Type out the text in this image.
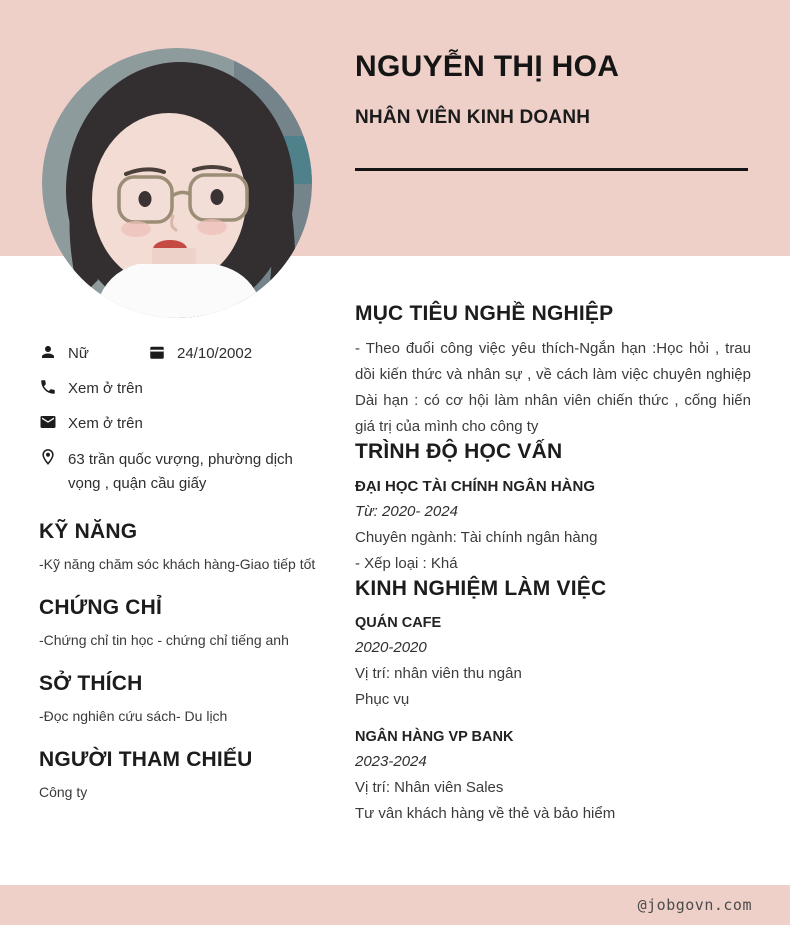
NGUYỄN THỊ HOA
NHÂN VIÊN KINH DOANH
Nữ	24/10/2002
Xem ở trên
Xem ở trên
63 trần quốc vượng, phường dịch vọng , quận cầu giấy
KỸ NĂNG

-Kỹ năng chăm sóc khách hàng-Giao tiếp tốt

CHỨNG CHỈ

-Chứng chỉ tin học - chứng chỉ tiếng anh

SỞ THÍCH

-Đọc nghiên cứu sách- Du lịch

NGƯỜI THAM CHIẾU

Công ty

MỤC TIÊU NGHỀ NGHIỆP

- Theo đuổi công việc yêu thích-Ngắn hạn :Học hỏi , trau dồi kiến thức và nhân sự , về cách làm việc chuyên nghiệp Dài hạn : có cơ hội làm nhân viên chiến thức , cống hiến giá trị của mình cho công ty

TRÌNH ĐỘ HỌC VẤN

ĐẠI HỌC TÀI CHÍNH NGÂN HÀNG

Từ: 2020- 2024

Chuyên ngành: Tài chính ngân hàng

- Xếp loại : Khá

KINH NGHIỆM LÀM VIỆC

QUÁN CAFE

2020-2020

Vị trí: nhân viên thu ngân

Phục vụ

NGÂN HÀNG VP BANK

2023-2024

Vị trí: Nhân viên Sales

Tư vân khách hàng về thẻ và bảo hiểm

@jobgovn.com
